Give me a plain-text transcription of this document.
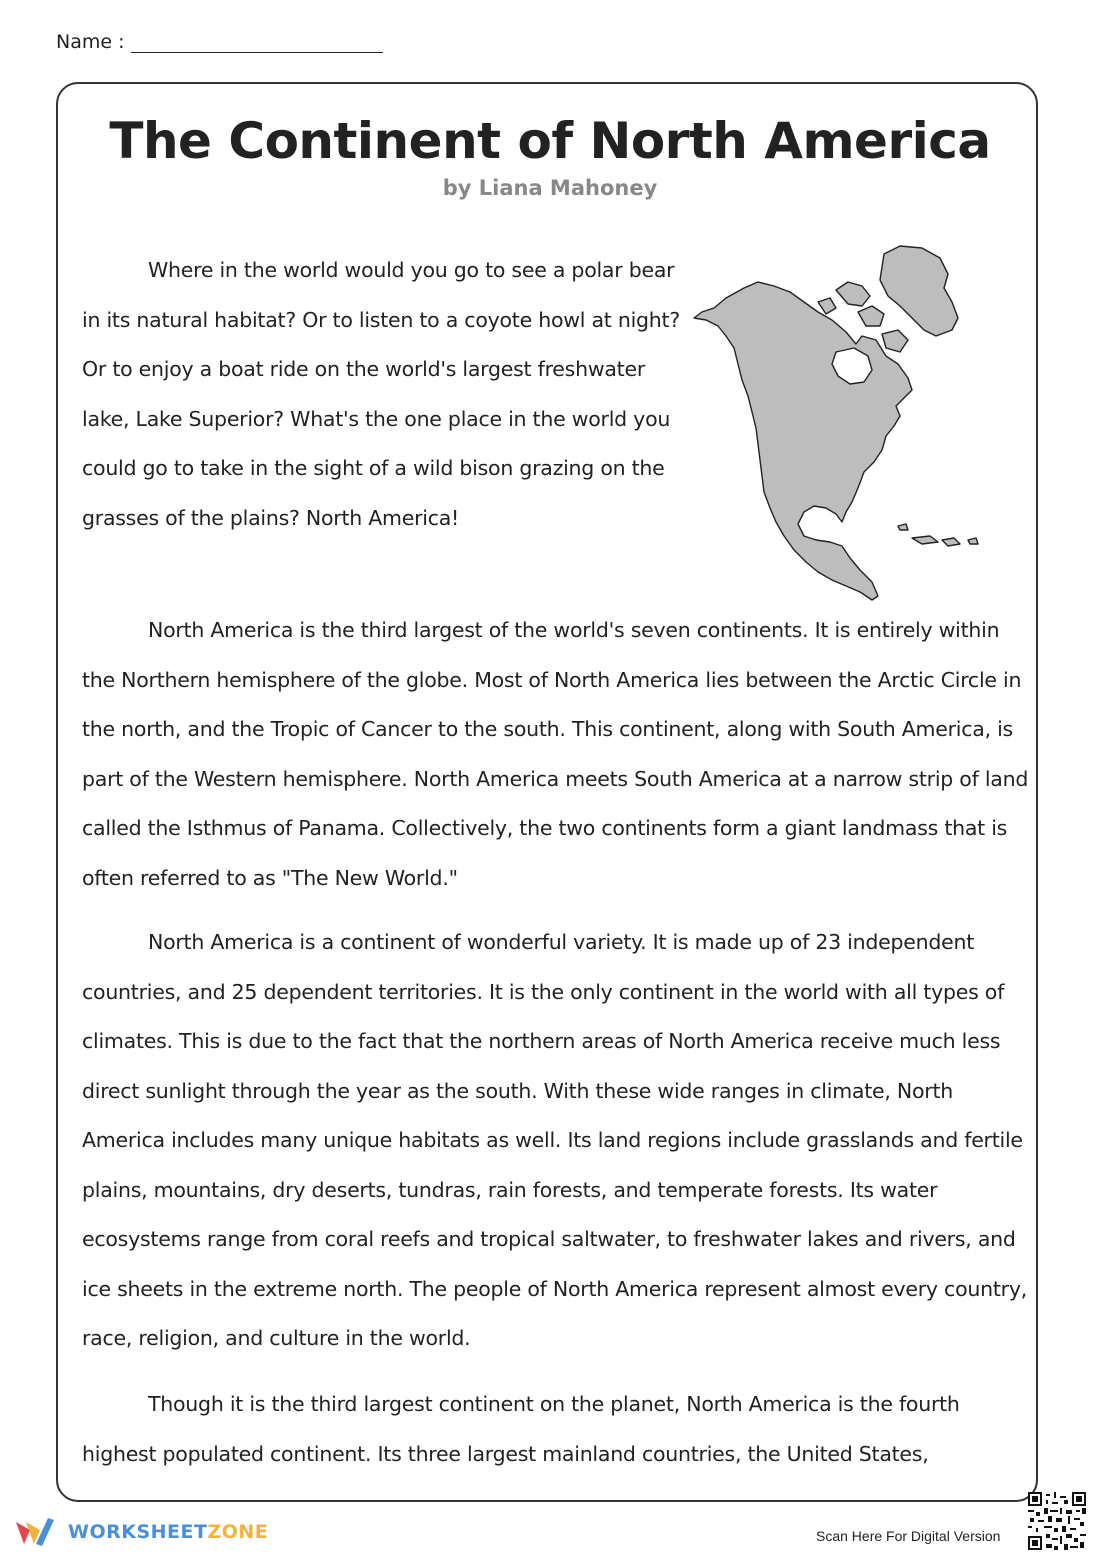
Name :
The Continent of North America
by Liana Mahoney

Where in the world would you go to see a polar bear in its natural habitat? Or to listen to a coyote howl at night? Or to enjoy a boat ride on the world's largest freshwater lake, Lake Superior? What's the one place in the world you could go to take in the sight of a wild bison grazing on the grasses of the plains? North America!

North America is the third largest of the world's seven continents. It is entirely within the Northern hemisphere of the globe. Most of North America lies between the Arctic Circle in the north, and the Tropic of Cancer to the south. This continent, along with South America, is part of the Western hemisphere. North America meets South America at a narrow strip of land called the Isthmus of Panama. Collectively, the two continents form a giant landmass that is often referred to as "The New World."

North America is a continent of wonderful variety. It is made up of 23 independent countries, and 25 dependent territories. It is the only continent in the world with all types of climates. This is due to the fact that the northern areas of North America receive much less direct sunlight through the year as the south. With these wide ranges in climate, North America includes many unique habitats as well. Its land regions include grasslands and fertile plains, mountains, dry deserts, tundras, rain forests, and temperate forests. Its water ecosystems range from coral reefs and tropical saltwater, to freshwater lakes and rivers, and ice sheets in the extreme north. The people of North America represent almost every country, race, religion, and culture in the world.

Though it is the third largest continent on the planet, North America is the fourth highest populated continent. Its three largest mainland countries, the United States,

WORKSHEETZONE	Scan Here For Digital Version
